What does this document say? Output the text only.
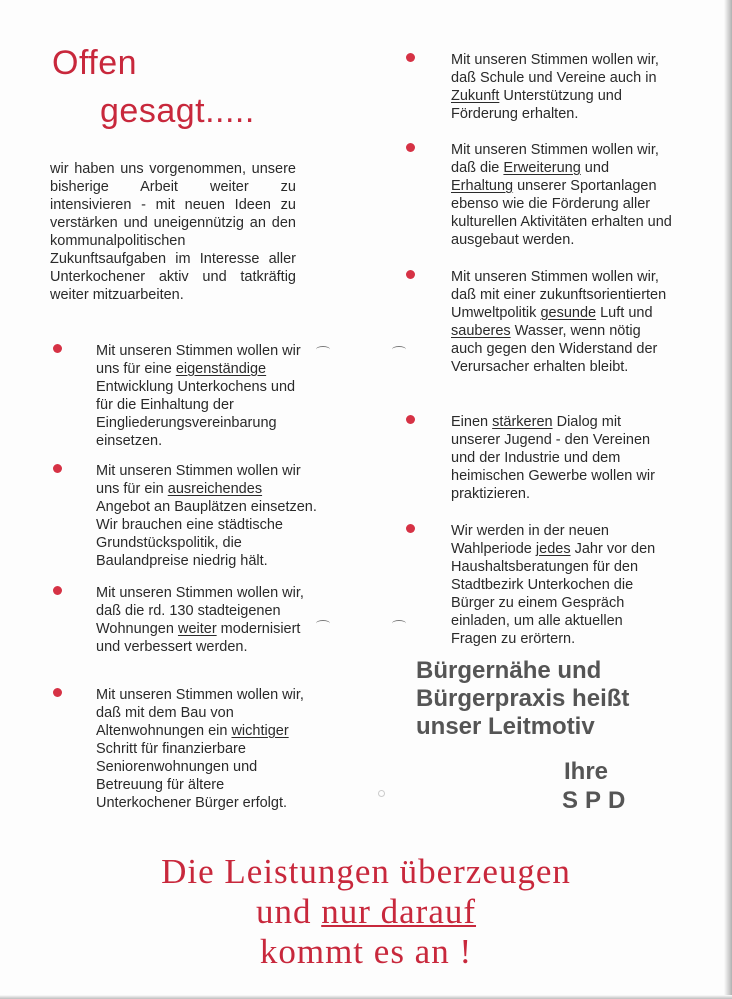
Offen
gesagt.....
wir haben uns vorgenommen, unsere bisherige Arbeit weiter zu intensivieren - mit neuen Ideen zu verstärken und uneigennützig an den kommunalpolitischen Zukunftsaufgaben im Interesse aller Unterkochener aktiv und tatkräftig weiter mitzuarbeiten.
Mit unseren Stimmen wollen wir uns für eine eigenständige Entwicklung Unterkochens und für die Einhaltung der Eingliederungsvereinbarung einsetzen.
Mit unseren Stimmen wollen wir uns für ein ausreichendes Angebot an Bauplätzen einsetzen. Wir brauchen eine städtische Grundstückspolitik, die Baulandpreise niedrig hält.
Mit unseren Stimmen wollen wir, daß die rd. 130 stadteigenen Wohnungen weiter modernisiert und verbessert werden.
Mit unseren Stimmen wollen wir, daß mit dem Bau von Altenwohnungen ein wichtiger Schritt für finanzierbare Seniorenwohnungen und Betreuung für ältere Unterkochener Bürger erfolgt.
Mit unseren Stimmen wollen wir, daß Schule und Vereine auch in Zukunft Unterstützung und Förderung erhalten.
Mit unseren Stimmen wollen wir, daß die Erweiterung und Erhaltung unserer Sportanlagen ebenso wie die Förderung aller kulturellen Aktivitäten erhalten und ausgebaut werden.
Mit unseren Stimmen wollen wir, daß mit einer zukunftsorientierten Umweltpolitik gesunde Luft und sauberes Wasser, wenn nötig auch gegen den Widerstand der Verursacher erhalten bleibt.
Einen stärkeren Dialog mit unserer Jugend - den Vereinen und der Industrie und dem heimischen Gewerbe wollen wir praktizieren.
Wir werden in der neuen Wahlperiode jedes Jahr vor den Haushaltsberatungen für den Stadtbezirk Unterkochen die Bürger zu einem Gespräch einladen, um alle aktuellen Fragen zu erörtern.
Bürgernähe und
Bürgerpraxis heißt
unser Leitmotiv
Ihre
SPD
Die Leistungen überzeugen
und nur darauf
kommt es an !
